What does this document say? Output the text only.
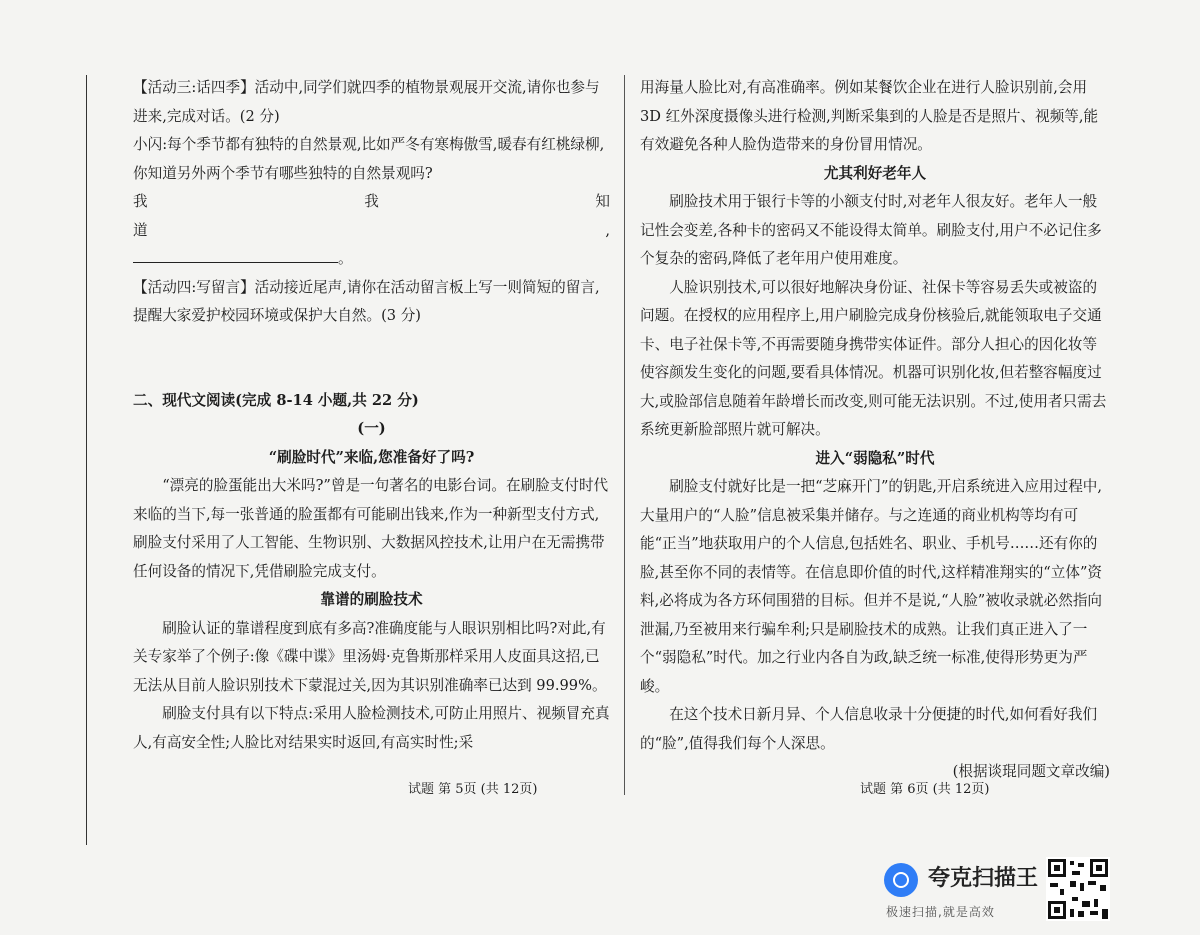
【活动三:话四季】活动中,同学们就四季的植物景观展开交流,请你也参与进来,完成对话。(2 分)

小闪:每个季节都有独特的自然景观,比如严冬有寒梅傲雪,暖春有红桃绿柳,你知道另外两个季节有哪些独特的自然景观吗?

我	我	知
道	,

。

【活动四:写留言】活动接近尾声,请你在活动留言板上写一则简短的留言,提醒大家爱护校园环境或保护大自然。(3 分)

二、现代文阅读(完成 8-14 小题,共 22 分)

(一)

“刷脸时代”来临,您准备好了吗?

“漂亮的脸蛋能出大米吗?”曾是一句著名的电影台词。在刷脸支付时代来临的当下,每一张普通的脸蛋都有可能刷出钱来,作为一种新型支付方式,刷脸支付采用了人工智能、生物识别、大数据风控技术,让用户在无需携带任何设备的情况下,凭借刷脸完成支付。

靠谱的刷脸技术

刷脸认证的靠谱程度到底有多高?准确度能与人眼识别相比吗?对此,有关专家举了个例子:像《碟中谍》里汤姆·克鲁斯那样采用人皮面具这招,已无法从目前人脸识别技术下蒙混过关,因为其识别准确率已达到 99.99%。

刷脸支付具有以下特点:采用人脸检测技术,可防止用照片、视频冒充真人,有高安全性;人脸比对结果实时返回,有高实时性;采

用海量人脸比对,有高准确率。例如某餐饮企业在进行人脸识别前,会用 3D 红外深度摄像头进行检测,判断采集到的人脸是否是照片、视频等,能有效避免各种人脸伪造带来的身份冒用情况。

尤其利好老年人

刷脸技术用于银行卡等的小额支付时,对老年人很友好。老年人一般记性会变差,各种卡的密码又不能设得太简单。刷脸支付,用户不必记住多个复杂的密码,降低了老年用户使用难度。

人脸识别技术,可以很好地解决身份证、社保卡等容易丢失或被盗的问题。在授权的应用程序上,用户刷脸完成身份核验后,就能领取电子交通卡、电子社保卡等,不再需要随身携带实体证件。部分人担心的因化妆等使容颜发生变化的问题,要看具体情况。机器可识别化妆,但若整容幅度过大,或脸部信息随着年龄增长而改变,则可能无法识别。不过,使用者只需去系统更新脸部照片就可解决。

进入“弱隐私”时代

刷脸支付就好比是一把“芝麻开门”的钥匙,开启系统进入应用过程中,大量用户的“人脸”信息被采集并储存。与之连通的商业机构等均有可能“正当”地获取用户的个人信息,包括姓名、职业、手机号……还有你的脸,甚至你不同的表情等。在信息即价值的时代,这样精准翔实的“立体”资料,必将成为各方环伺围猎的目标。但并不是说,“人脸”被收录就必然指向泄漏,乃至被用来行骗牟利;只是刷脸技术的成熟。让我们真正进入了一个“弱隐私”时代。加之行业内各自为政,缺乏统一标准,使得形势更为严峻。

在这个技术日新月异、个人信息收录十分便捷的时代,如何看好我们的“脸”,值得我们每个人深思。

(根据谈琨同题文章改编)

试题 第 5页 (共 12页)	试题 第 6页 (共 12页)
夸克扫描王
极速扫描,就是高效
